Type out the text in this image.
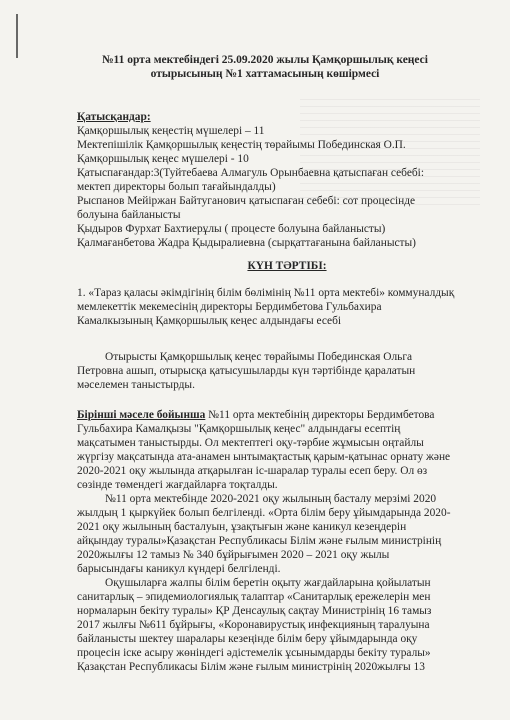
№11 орта мектебіндегі 25.09.2020 жылы Қамқоршылық кеңесі
отырысының №1 хаттамасының көшірмесі
Қатысқандар:
Қамқоршылық кеңестің мүшелері – 11
Мектепішілік Қамқоршылық кеңестің төрайымы Побединская О.П.
Қамқоршылық кеңес мүшелері - 10
Қатыспағандар:3(Туйтебаева Алмагуль Орынбаевна қатыспаған себебі:
мектеп директоры болып тағайындалды)
Рыспанов Мейіржан Байтуганович қатыспаған себебі: сот процесінде
болуына байланысты
Қыдыров Фурхат Бахтиерұлы ( процесте болуына байланысты)
Қалмағанбетова Жадра Қыдыралиевна (сырқаттағанына байланысты)
КҮН ТӘРТІБІ:
1. «Тараз қаласы әкімдігінің білім бөлімінің №11 орта мектебі» коммуналдық
мемлекеттік мекемесінің директоры Бердимбетова Гульбахира
Камалкызының Қамқоршылық кеңес алдындағы есебі
Отырысты Қамқоршылық кеңес төрайымы Побединская Ольга
Петровна ашып, отырысқа қатысушыларды күн тәртібінде қаралатын
мәселемен таныстырды.
Бірінші мәселе бойынша №11 орта мектебінің директоры Бердимбетова
Гульбахира Камалқызы "Қамқоршылық кеңес" алдындағы есептің
мақсатымен таныстырды. Ол мектептегі оқу-тәрбие жұмысын оңтайлы
жүргізу мақсатында ата-анамен ынтымақтастық қарым-қатынас орнату және
2020-2021 оқу жылында атқарылған іс-шаралар туралы есеп беру. Ол өз
сөзінде төмендегі жағдайларға тоқталды.
№11 орта мектебінде 2020-2021 оқу жылының басталу мерзімі 2020
жылдың 1 қыркүйек болып белгіленді. «Орта білім беру ұйымдарында 2020-
2021 оқу жылының басталуын, ұзақтығын және каникул кезеңдерін
айқындау туралы»Қазақстан Республикасы Білім және ғылым министрінің
2020жылғы 12 тамыз № 340 бұйрығымен 2020 – 2021 оқу жылы
барысындағы каникул күндері белгіленді.
Оқушыларға жалпы білім беретін оқыту жағдайларына қойылатын
санитарлық – эпидемиологиялық талаптар «Санитарлық ережелерін мен
нормаларын бекіту туралы» ҚР Денсаулық сақтау Министрінің 16 тамыз
2017 жылғы №611 бұйрығы, «Коронавирустық инфекцияның таралуына
байланысты шектеу шаралары кезеңінде білім беру ұйымдарында оқу
процесін іске асыру жөніндегі әдістемелік ұсынымдарды бекіту туралы»
Қазақстан Республикасы Білім және ғылым министрінің 2020жылғы 13
